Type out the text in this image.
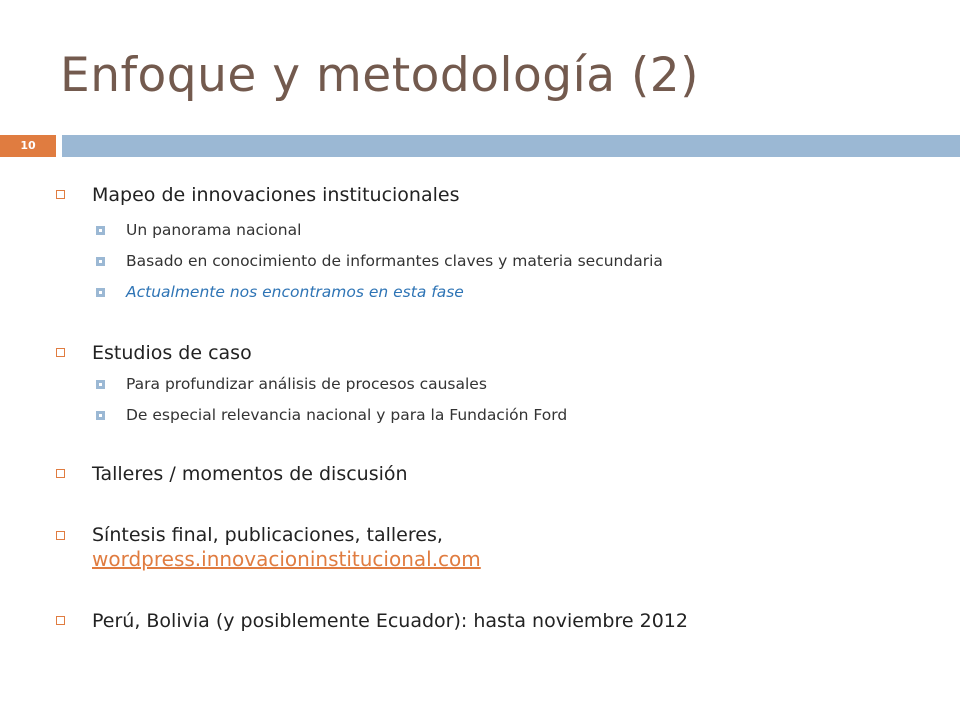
Enfoque y metodología (2)
10
Mapeo de innovaciones institucionales
Un panorama nacional
Basado en conocimiento de informantes claves y materia secundaria
Actualmente nos encontramos en esta fase
Estudios de caso
Para profundizar análisis de procesos causales
De especial relevancia nacional y para la Fundación Ford
Talleres / momentos de discusión
Síntesis final, publicaciones, talleres,
wordpress.innovacioninstitucional.com
Perú, Bolivia (y posiblemente Ecuador): hasta noviembre 2012
